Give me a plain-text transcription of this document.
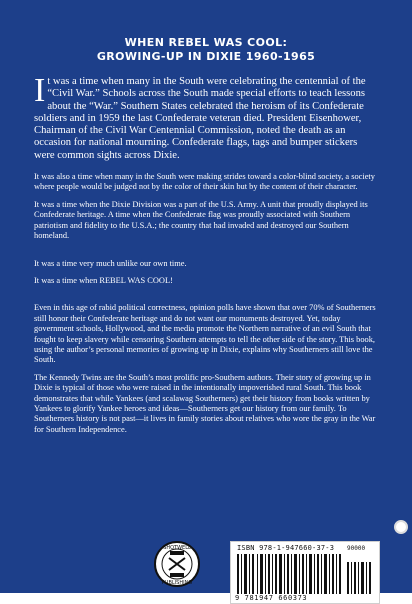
WHEN REBEL WAS COOL:
GROWING-UP IN DIXIE 1960-1965

I t was a time when many in the South were celebrating the centennial of the “Civil War.” Schools across the South made special efforts to teach lessons about the “War.” Southern States celebrated the heroism of its Confederate soldiers and in 1959 the last Confederate veteran died. President Eisenhower, Chairman of the Civil War Centennial Commission, noted the death as an occasion for national mourning. Confederate flags, tags and bumper stickers were common sights across Dixie.

It was also a time when many in the South were making strides toward a color-blind society, a society where people would be judged not by the color of their skin but by the content of their character.

It was a time when the Dixie Division was a part of the U.S. Army. A unit that proudly displayed its Confederate heritage. A time when the Confederate flag was proudly associated with Southern patriotism and fidelity to the U.S.A.; the country that had invaded and destroyed our Southern homeland.

It was a time very much unlike our own time.

It was a time when REBEL WAS COOL!

Even in this age of rabid political correctness, opinion polls have shown that over 70% of Southerners still honor their Confederate heritage and do not want our monuments destroyed. Yet, today government schools, Hollywood, and the media promote the Northern narrative of an evil South that fought to keep slavery while censoring Southern attempts to tell the other side of the story. This book, using the author’s personal memories of growing up in Dixie, explains why Southerners still love the South.

The Kennedy Twins are the South’s most prolific pro-Southern authors. Their story of growing up in Dixie is typical of those who were raised in the intentionally impoverished rural South. This book demonstrates that while Yankees (and scalawag Southerners) get their history from books written by Yankees to glorify Yankee heroes and ideas—Southerners get our history from our family. To Southerners history is not past—it lives in family stories about relatives who wore the gray in the War for Southern Independence.

SHOTWELL
PUBLISHING
ISBN 978-1-947660-37-3 90000
9 781947 660373
